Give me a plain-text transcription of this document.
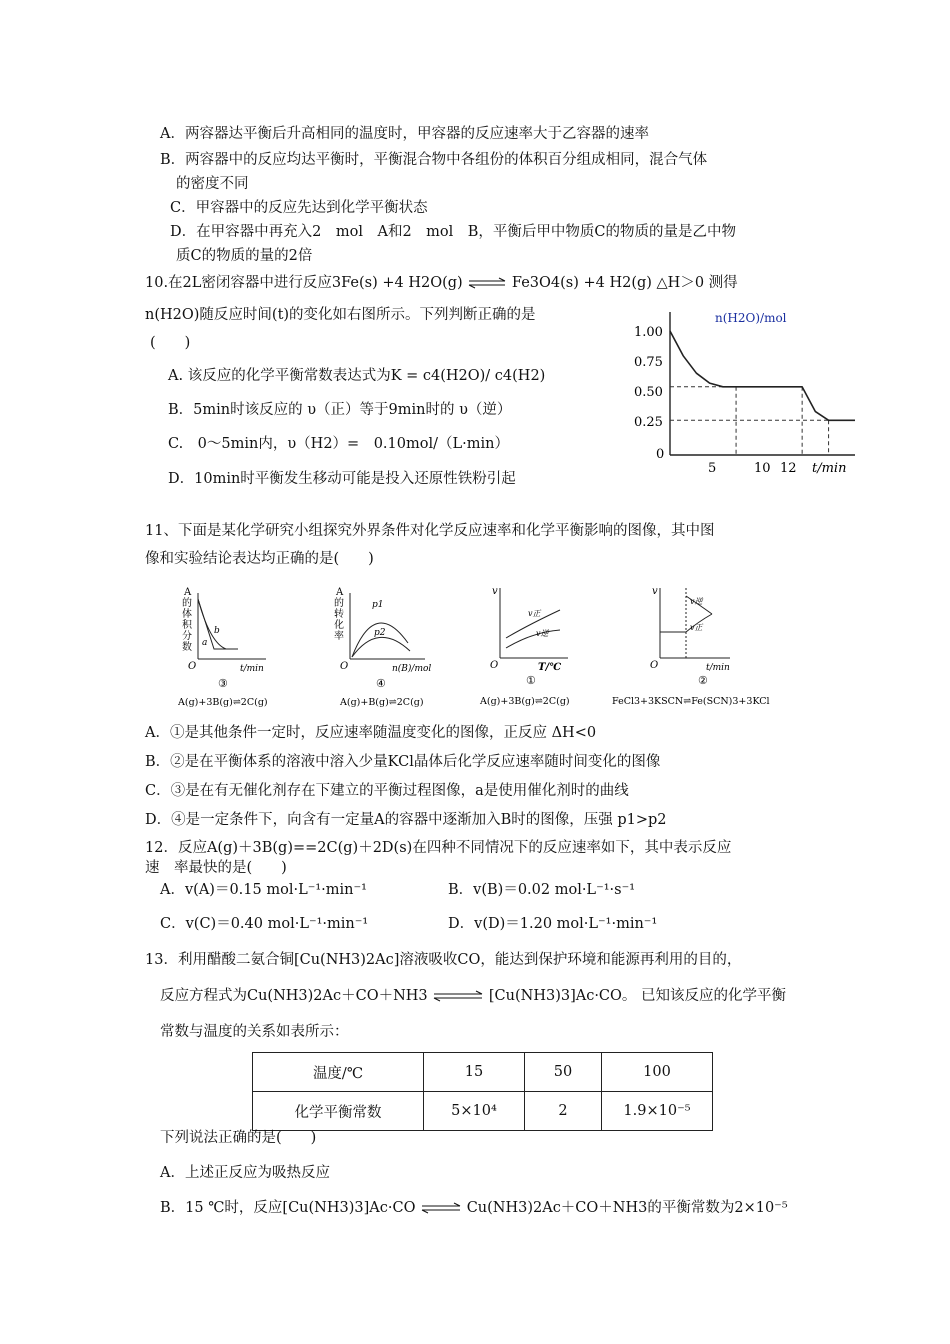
A．两容器达平衡后升高相同的温度时，甲容器的反应速率大于乙容器的速率
B．两容器中的反应均达平衡时，平衡混合物中各组份的体积百分组成相同，混合气体
的密度不同
C．甲容器中的反应先达到化学平衡状态
D．在甲容器中再充入2　mol　A和2　mol　B，平衡后甲中物质C的物质的量是乙中物
质C的物质的量的2倍
10.在2L密闭容器中进行反应3Fe(s) +4 H2O(g) ⇌ Fe3O4(s) +4 H2(g) △H＞0 测得
n(H2O)随反应时间(t)的变化如右图所示。下列判断正确的是
(　　)
A. 该反应的化学平衡常数表达式为K = c4(H2O)/ c4(H2)
B．5min时该反应的 υ（正）等于9min时的 υ（逆）
C.　0～5min内，υ（H2）=　0.10mol/（L·min）
D．10min时平衡发生移动可能是投入还原性铁粉引起
n(H2O)/mol
1.00
0.75
0.50
0.25
0
5	10 12 t/min
11、下面是某化学研究小组探究外界条件对化学反应速率和化学平衡影响的图像，其中图
像和实验结论表达均正确的是(　　)
A
的
体
积
分
数 a
b
O	t/min
③
A(g)+3B(g)⇌2C(g)
A
的
转
化
率
p1
p2
O	n(B)/mol
④
A(g)+B(g)⇌2C(g)
v
v正
v逆
O	T/℃
①
A(g)+3B(g)⇌2C(g)
v
v逆
v正
O	t/min
②
FeCl3+3KSCN⇌Fe(SCN)3+3KCl
A．①是其他条件一定时，反应速率随温度变化的图像，正反应 ΔH<0
B．②是在平衡体系的溶液中溶入少量KCl晶体后化学反应速率随时间变化的图像
C．③是在有无催化剂存在下建立的平衡过程图像，a是使用催化剂时的曲线
D．④是一定条件下，向含有一定量A的容器中逐渐加入B时的图像，压强 p1>p2
12．反应A(g)＋3B(g)==2C(g)＋2D(s)在四种不同情况下的反应速率如下，其中表示反应
速　率最快的是(　　)
A．v(A)＝0.15 mol·L⁻¹·min⁻¹	B．v(B)＝0.02 mol·L⁻¹·s⁻¹
C．v(C)＝0.40 mol·L⁻¹·min⁻¹	D．v(D)＝1.20 mol·L⁻¹·min⁻¹
13．利用醋酸二氨合铜[Cu(NH3)2Ac]溶液吸收CO，能达到保护环境和能源再利用的目的，
反应方程式为Cu(NH3)2Ac＋CO＋NH3 ⇌ [Cu(NH3)3]Ac·CO。 已知该反应的化学平衡
常数与温度的关系如表所示：
温度/℃	15	50	100
化学平衡常数	5×10⁴	2	1.9×10⁻⁵
下列说法正确的是(　　)
A．上述正反应为吸热反应
B．15 ℃时，反应[Cu(NH3)3]Ac·CO ⇌ Cu(NH3)2Ac＋CO＋NH3的平衡常数为2×10⁻⁵
